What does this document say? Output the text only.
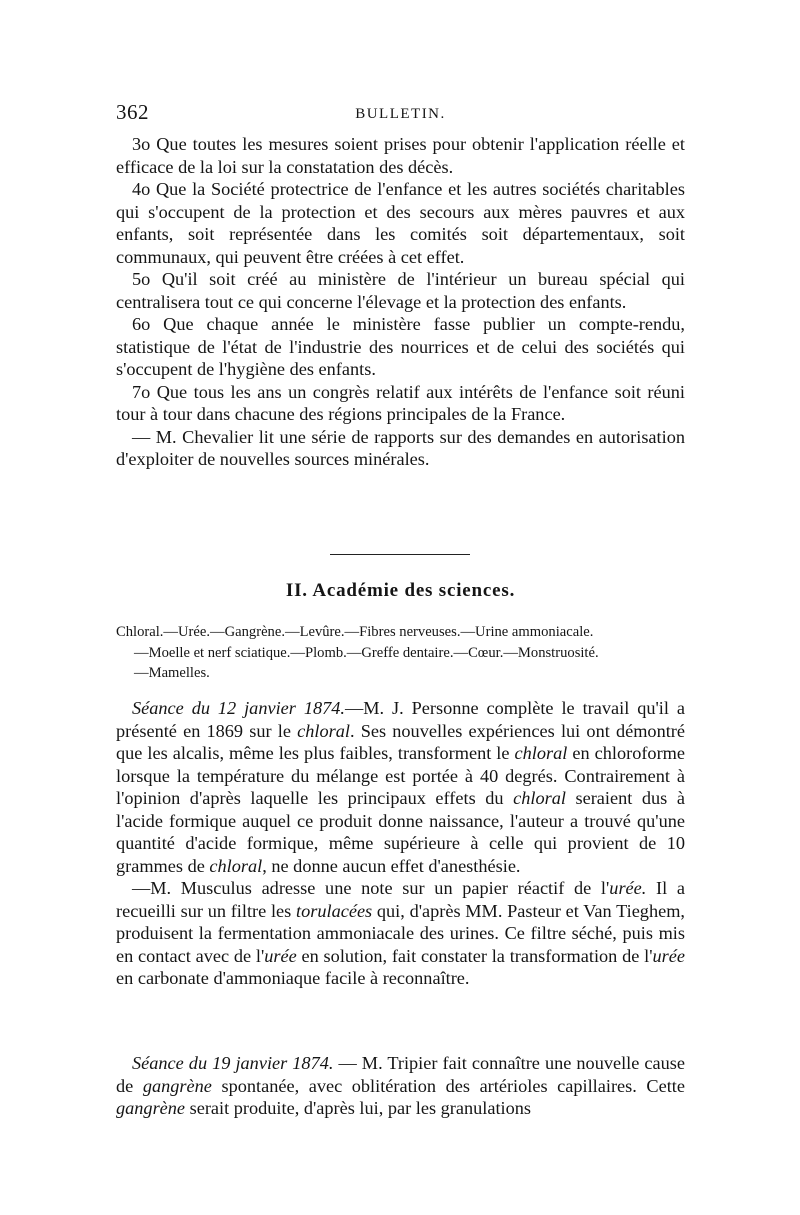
362	BULLETIN.

3o Que toutes les mesures soient prises pour obtenir l'application réelle et efficace de la loi sur la constatation des décès.

4o Que la Société protectrice de l'enfance et les autres sociétés charitables qui s'occupent de la protection et des secours aux mères pauvres et aux enfants, soit représentée dans les comités soit départementaux, soit communaux, qui peuvent être créées à cet effet.

5o Qu'il soit créé au ministère de l'intérieur un bureau spécial qui centralisera tout ce qui concerne l'élevage et la protection des enfants.

6o Que chaque année le ministère fasse publier un compte-rendu, statistique de l'état de l'industrie des nourrices et de celui des sociétés qui s'occupent de l'hygiène des enfants.

7o Que tous les ans un congrès relatif aux intérêts de l'enfance soit réuni tour à tour dans chacune des régions principales de la France.

— M. Chevalier lit une série de rapports sur des demandes en autorisation d'exploiter de nouvelles sources minérales.

II. Académie des sciences.

Chloral.—Urée.—Gangrène.—Levûre.—Fibres nerveuses.—Urine ammoniacale.
—Moelle et nerf sciatique.—Plomb.—Greffe dentaire.—Cœur.—Monstruosité.
—Mamelles.

Séance du 12 janvier 1874.—M. J. Personne complète le travail qu'il a présenté en 1869 sur le chloral. Ses nouvelles expériences lui ont démontré que les alcalis, même les plus faibles, transforment le chloral en chloroforme lorsque la température du mélange est portée à 40 degrés. Contrairement à l'opinion d'après laquelle les principaux effets du chloral seraient dus à l'acide formique auquel ce produit donne naissance, l'auteur a trouvé qu'une quantité d'acide formique, même supérieure à celle qui provient de 10 grammes de chloral, ne donne aucun effet d'anesthésie.

—M. Musculus adresse une note sur un papier réactif de l'urée. Il a recueilli sur un filtre les torulacées qui, d'après MM. Pasteur et Van Tieghem, produisent la fermentation ammoniacale des urines. Ce filtre séché, puis mis en contact avec de l'urée en solution, fait constater la transformation de l'urée en carbonate d'ammoniaque facile à reconnaître.

Séance du 19 janvier 1874. — M. Tripier fait connaître une nouvelle cause de gangrène spontanée, avec oblitération des artérioles capillaires. Cette gangrène serait produite, d'après lui, par les granulations
